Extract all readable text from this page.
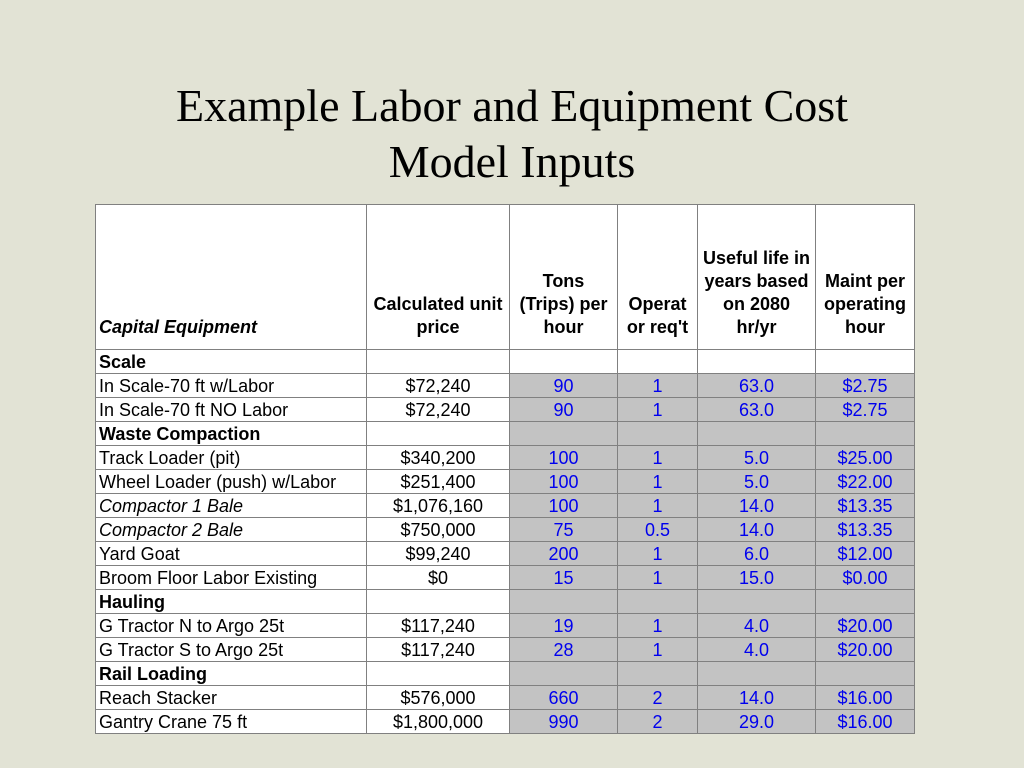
Example Labor and Equipment Cost
Model Inputs
Capital Equipment	Calculated unit price	Tons (Trips) per hour	Operat or req't	Useful life in years based on 2080 hr/yr	Maint per operating hour
Scale 1					
In Scale-70 ft w/Labor	$72,240	90	1	63.0	$2.75
In Scale-70 ft NO Labor	$72,240	90	1	63.0	$2.75
Waste Compaction					
Track Loader (pit)	$340,200	100	1	5.0	$25.00
Wheel Loader (push) w/Labor	$251,400	100	1	5.0	$22.00
Compactor 1 Bale	$1,076,160	100	1	14.0	$13.35
Compactor 2 Bale	$750,000	75	0.5	14.0	$13.35
Yard Goat	$99,240	200	1	6.0	$12.00
Broom Floor Labor Existing	$0	15	1	15.0	$0.00
Hauling					
G Tractor N to Argo 25t	$117,240	19	1	4.0	$20.00
G Tractor S to Argo 25t	$117,240	28	1	4.0	$20.00
Rail Loading					
Reach Stacker	$576,000	660	2	14.0	$16.00
Gantry Crane 75 ft	$1,800,000	990	2	29.0	$16.00
